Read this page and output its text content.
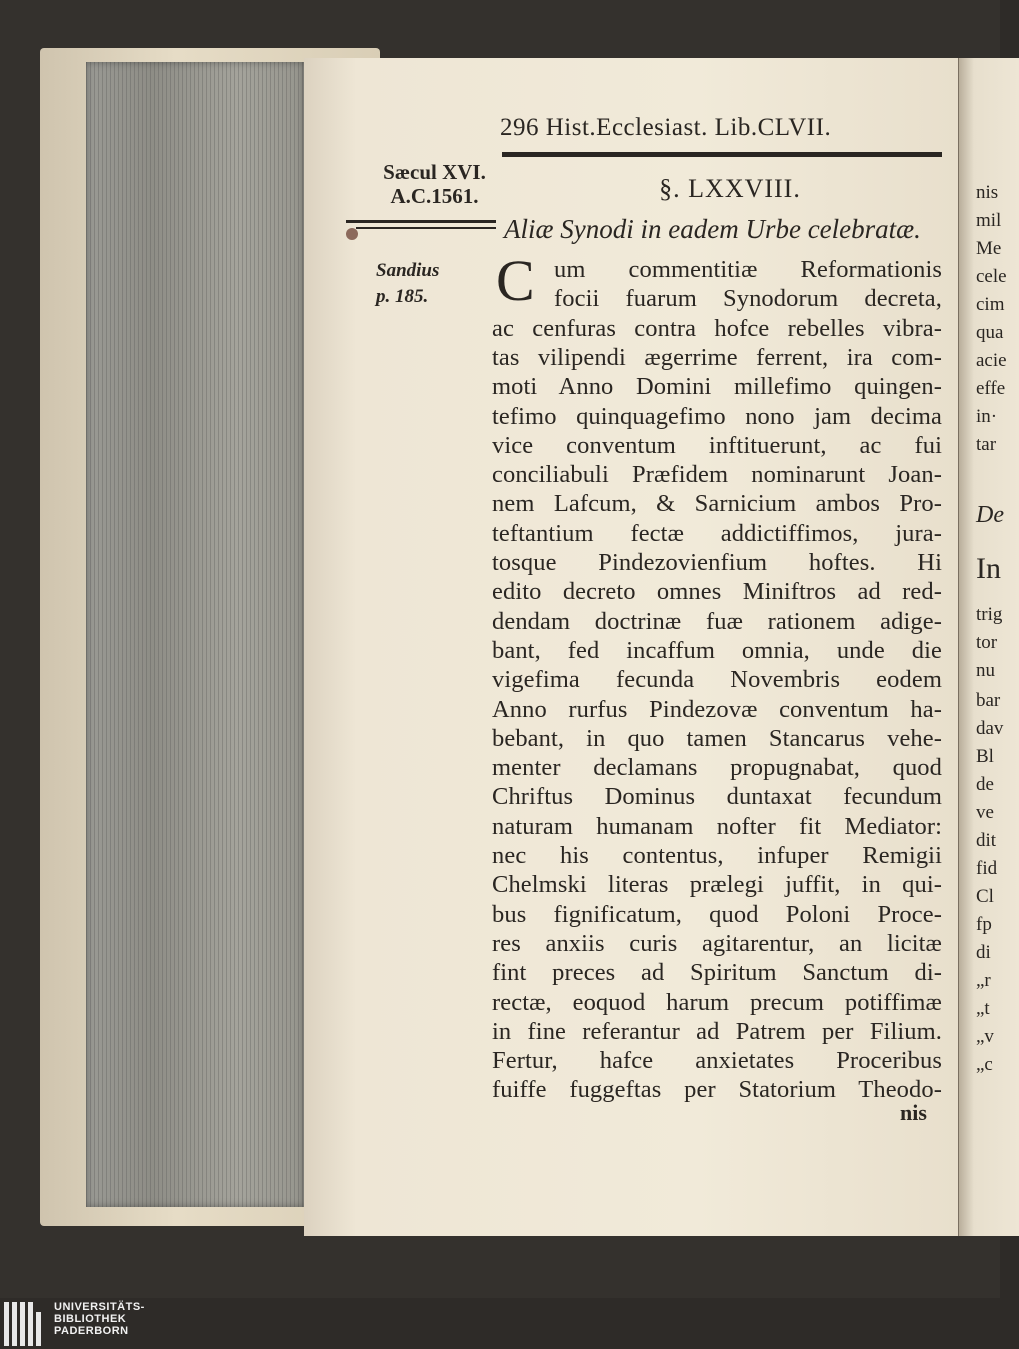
nis
mil
Me
cele
cim
qua
acie
effe
in·
tar
De
In
trig
tor
nu
bar
dav
Bl
de
ve
dit
fid
Cl
fp
di
„r
„t
„v
„c
296 Hist.Ecclesiast. Lib.CLVII.
Sæcul XVI.
A.C.1561.
Sandius
p. 185.
§. LXXVIII.
Aliæ Synodi in eadem Urbe celebratæ.
C um commentitiæ Reformationis
focii fuarum Synodorum decreta,
ac cenfuras contra hofce rebelles vibra-
tas vilipendi ægerrime ferrent, ira com-
moti Anno Domini millefimo quingen-
tefimo quinquagefimo nono jam decima
vice conventum inftituerunt, ac fui
conciliabuli Præfidem nominarunt Joan-
nem Lafcum, & Sarnicium ambos Pro-
teftantium fectæ addictiffimos, jura-
tosque Pindezovienfium hoftes. Hi
edito decreto omnes Miniftros ad red-
dendam doctrinæ fuæ rationem adige-
bant, fed incaffum omnia, unde die
vigefima fecunda Novembris eodem
Anno rurfus Pindezovæ conventum ha-
bebant, in quo tamen Stancarus vehe-
menter declamans propugnabat, quod
Chriftus Dominus duntaxat fecundum
naturam humanam nofter fit Mediator:
nec his contentus, infuper Remigii
Chelmski literas prælegi juffit, in qui-
bus fignificatum, quod Poloni Proce-
res anxiis curis agitarentur, an licitæ
fint preces ad Spiritum Sanctum di-
rectæ, eoquod harum precum potiffimæ
in fine referantur ad Patrem per Filium.
Fertur, hafce anxietates Proceribus
fuiffe fuggeftas per Statorium Theodo-
nis
UNIVERSITÄTS-
BIBLIOTHEK
PADERBORN
